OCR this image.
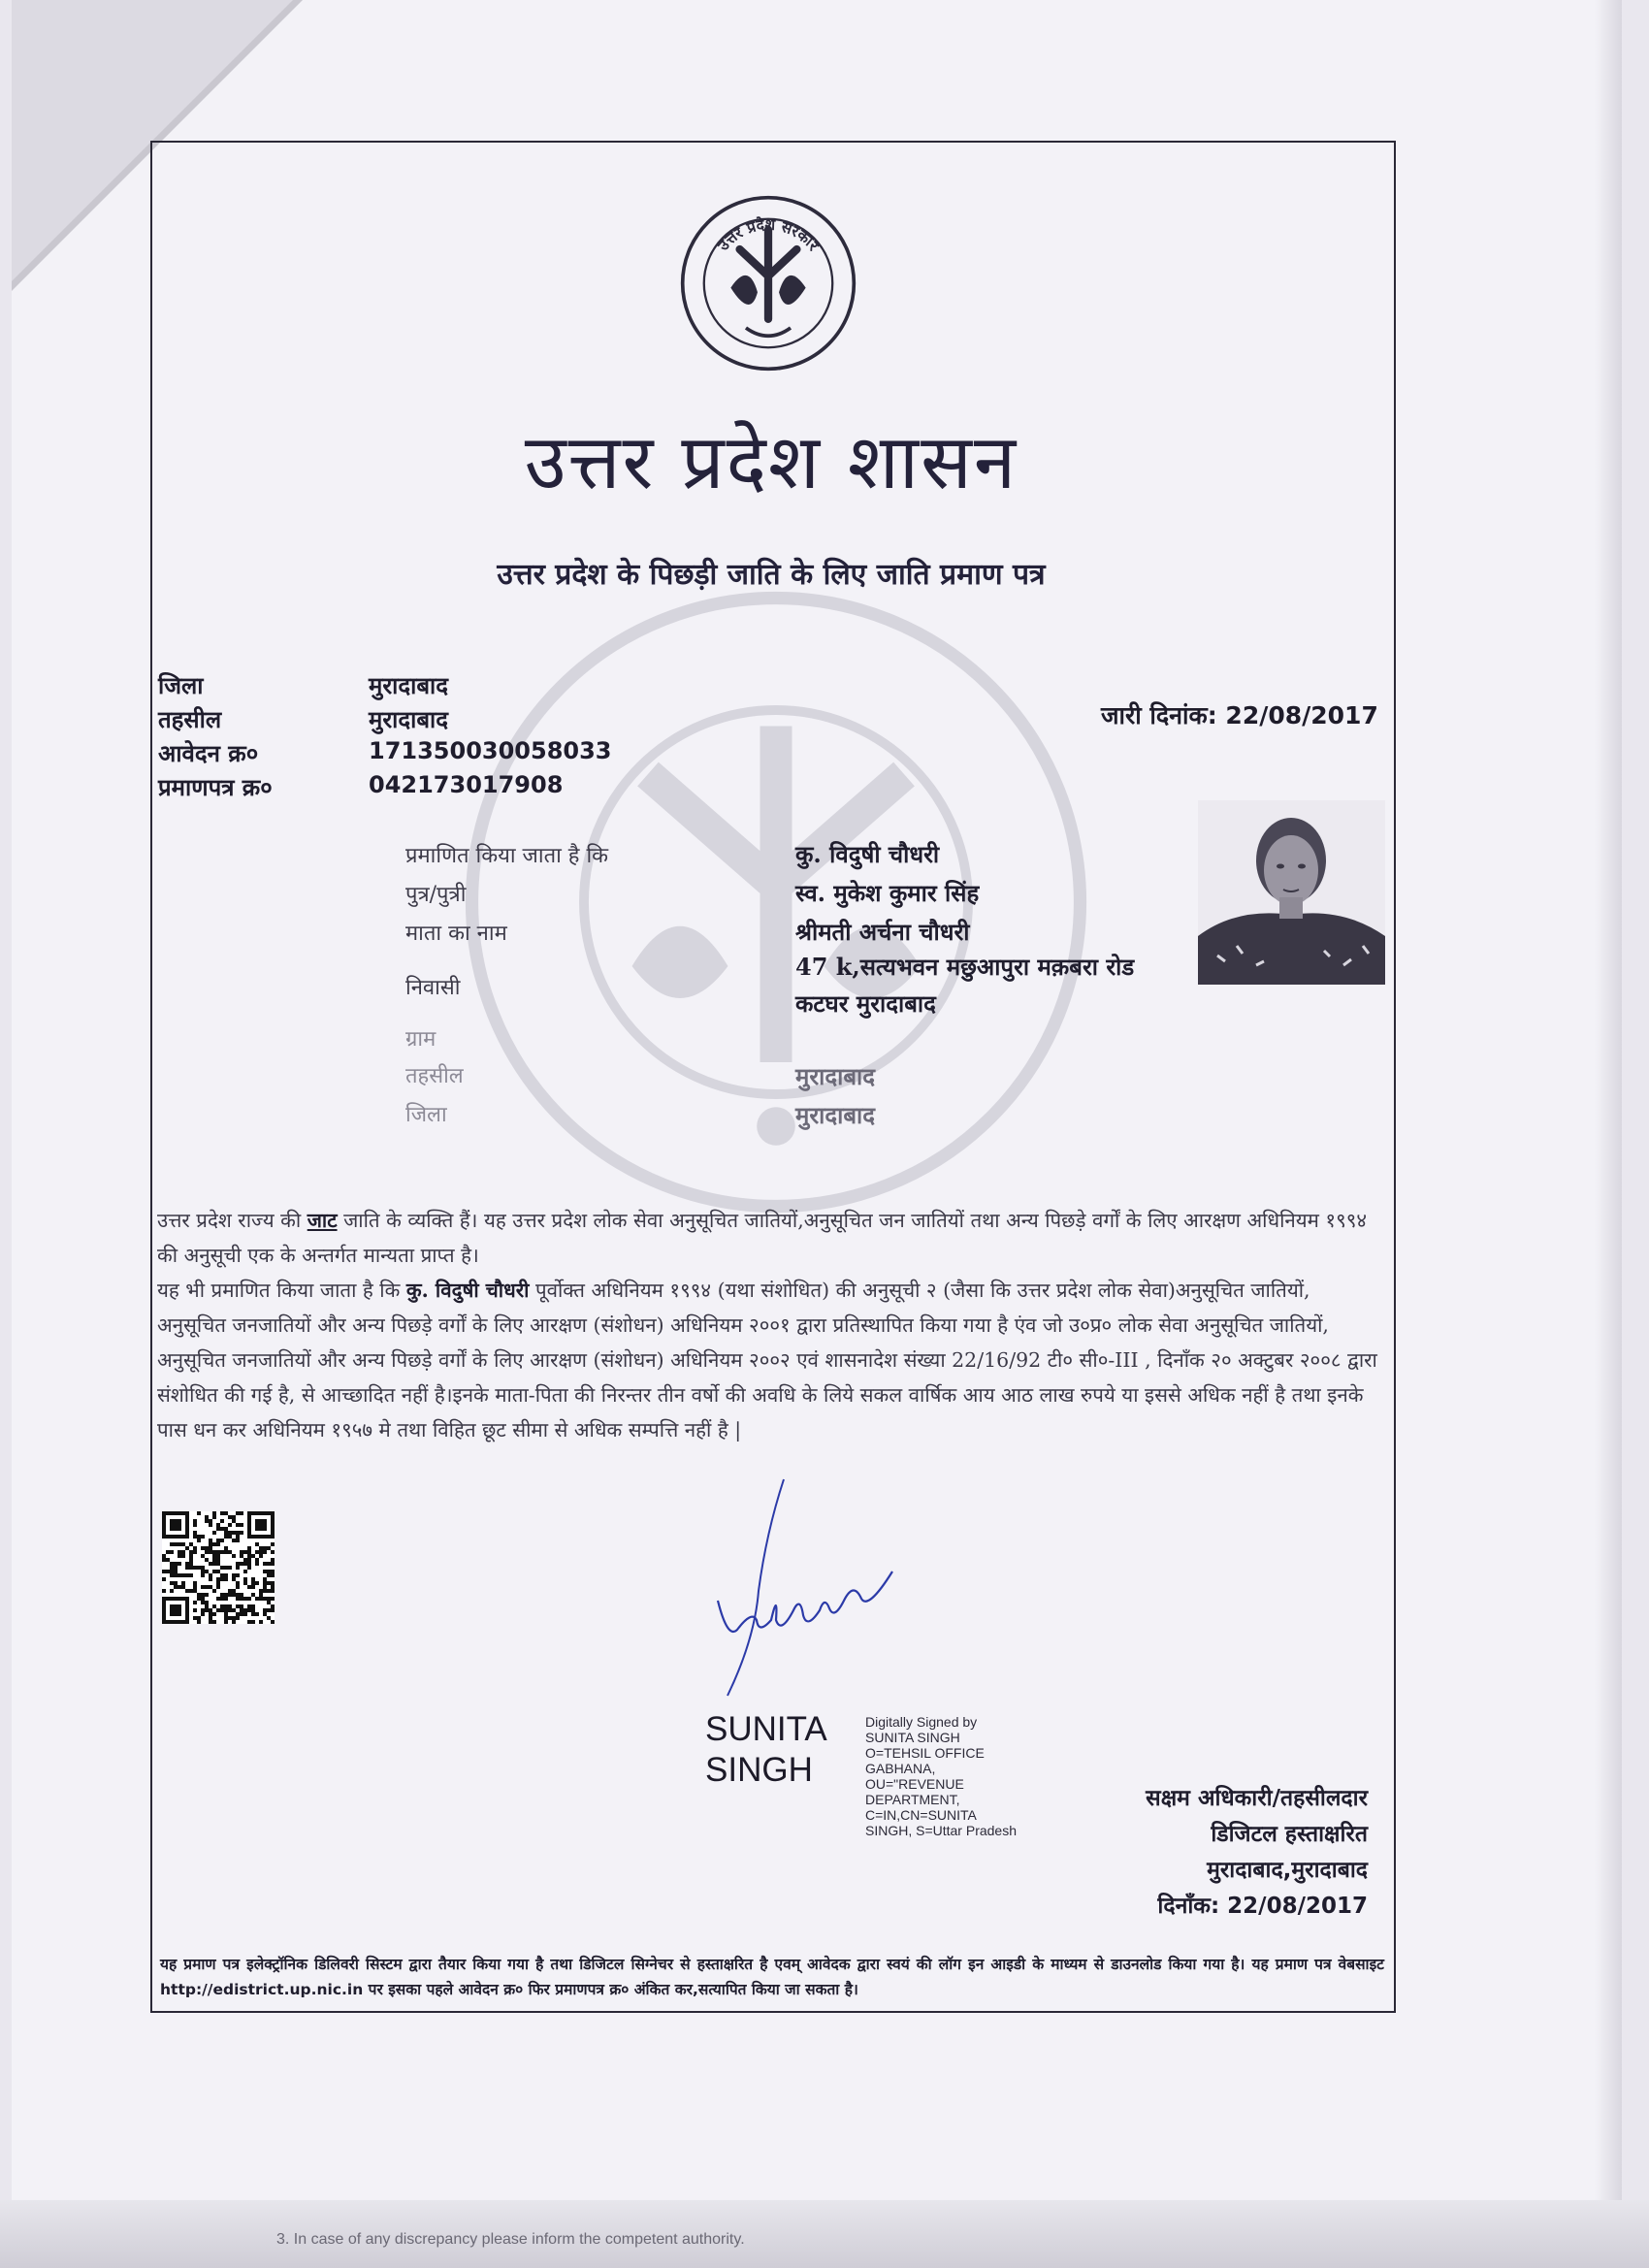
उत्तर प्रदेश सरकार
उत्तर प्रदेश शासन
उत्तर प्रदेश के पिछड़ी जाति के लिए जाति प्रमाण पत्र
जिला	मुरादाबाद
तहसील	मुरादाबाद
आवेदन क्र०	171350030058033
प्रमाणपत्र क्र०	042173017908
जारी दिनांक: 22/08/2017
प्रमाणित किया जाता है कि	कु. विदुषी चौधरी
पुत्र/पुत्री	स्व. मुकेश कुमार सिंह
माता का नाम	श्रीमती अर्चना चौधरी
निवासी
47 k,सत्यभवन मछुआपुरा मक़बरा रोड
कटघर मुरादाबाद
ग्राम
तहसील	मुरादाबाद
जिला	मुरादाबाद
उत्तर प्रदेश राज्य की जाट जाति के व्यक्ति हैं। यह उत्तर प्रदेश लोक सेवा अनुसूचित जातियों,अनुसूचित जन जातियों तथा अन्य पिछड़े वर्गों के लिए आरक्षण अधिनियम १९९४ की अनुसूची एक के अन्तर्गत मान्यता प्राप्त है।
यह भी प्रमाणित किया जाता है कि कु. विदुषी चौधरी पूर्वोक्त अधिनियम १९९४ (यथा संशोधित) की अनुसूची २ (जैसा कि उत्तर प्रदेश लोक सेवा)अनुसूचित जातियों, अनुसूचित जनजातियों और अन्य पिछड़े वर्गों के लिए आरक्षण (संशोधन) अधिनियम २००१ द्वारा प्रतिस्थापित किया गया है एंव जो उ०प्र० लोक सेवा अनुसूचित जातियों, अनुसूचित जनजातियों और अन्य पिछड़े वर्गों के लिए आरक्षण (संशोधन) अधिनियम २००२ एवं शासनादेश संख्या 22/16/92 टी० सी०-III , दिनाँक २० अक्टुबर २००८ द्वारा संशोधित की गई है, से आच्छादित नहीं है।इनके माता-पिता की निरन्तर तीन वर्षो की अवधि के लिये सकल वार्षिक आय आठ लाख रुपये या इससे अधिक नहीं है तथा इनके पास धन कर अधिनियम १९५७ मे तथा विहित छूट सीमा से अधिक सम्पत्ति नहीं है |
SUNITA
SINGH
Digitally Signed by
SUNITA SINGH
O=TEHSIL OFFICE
GABHANA,
OU="REVENUE
DEPARTMENT,
C=IN,CN=SUNITA
SINGH, S=Uttar Pradesh
सक्षम अधिकारी/तहसीलदार
डिजिटल हस्ताक्षरित
मुरादाबाद,मुरादाबाद
दिनाँक: 22/08/2017
यह प्रमाण पत्र इलेक्ट्रॉनिक डिलिवरी सिस्टम द्वारा तैयार किया गया है तथा डिजिटल सिग्नेचर से हस्ताक्षरित है एवम् आवेदक द्वारा स्वयं की लॉग इन आइडी के माध्यम से डाउनलोड किया गया है। यह प्रमाण पत्र वेबसाइट http://edistrict.up.nic.in पर इसका पहले आवेदन क्र० फिर प्रमाणपत्र क्र० अंकित कर,सत्यापित किया जा सकता है।
3. In case of any discrepancy please inform the competent authority.
